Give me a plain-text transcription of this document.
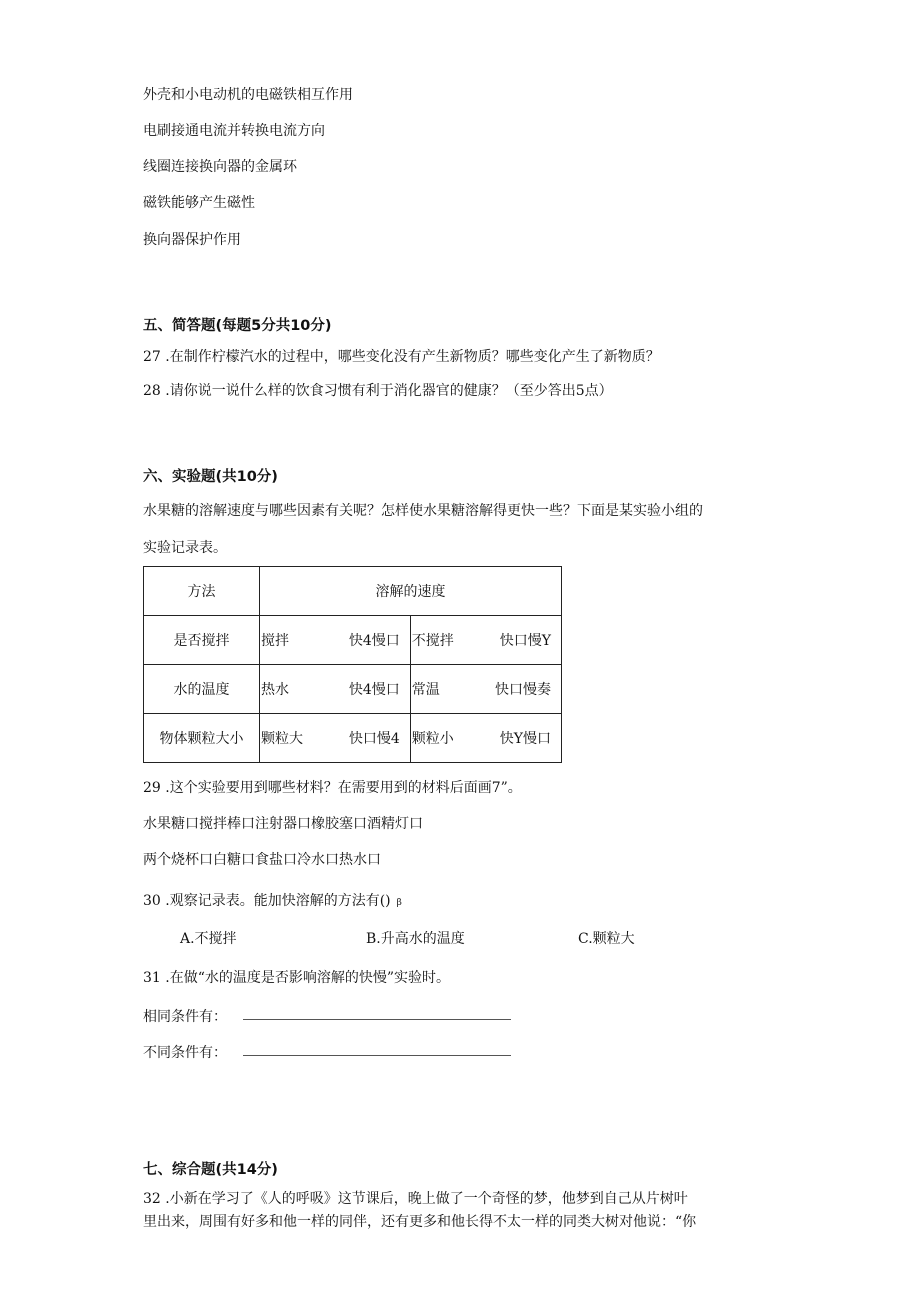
外壳和小电动机的电磁铁相互作用
电刷接通电流并转换电流方向
线圈连接换向器的金属环
磁铁能够产生磁性
换向器保护作用
五、简答题(每题5分共10分)
27 .在制作柠檬汽水的过程中，哪些变化没有产生新物质？哪些变化产生了新物质？
28 .请你说一说什么样的饮食习惯有利于消化器官的健康？（至少答出5点）
六、实验题(共10分)
水果糖的溶解速度与哪些因素有关呢？怎样使水果糖溶解得更快一些？下面是某实验小组的
实验记录表。
方法	溶解的速度	
是否搅拌	搅拌 快4慢口	不搅拌 快口慢Y

水的温度	热水 快4慢口	常温 快口慢奏

物体颗粒大小	颗粒大 快口慢4	颗粒小 快Y慢口
29 .这个实验要用到哪些材料？在需要用到的材料后面画7”。
水果糖口搅拌棒口注射器口橡胶塞口酒精灯口
两个烧杯口白糖口食盐口冷水口热水口
30 .观察记录表。能加快溶解的方法有() β
A.不搅拌	B.升高水的温度	C.颗粒大
31 .在做“水的温度是否影响溶解的快慢”实验时。
相同条件有：
不同条件有：
七、综合题(共14分)
32 .小新在学习了《人的呼吸》这节课后，晚上做了一个奇怪的梦，他梦到自己从片树叶
里出来，周围有好多和他一样的同伴，还有更多和他长得不太一样的同类大树对他说：“你
